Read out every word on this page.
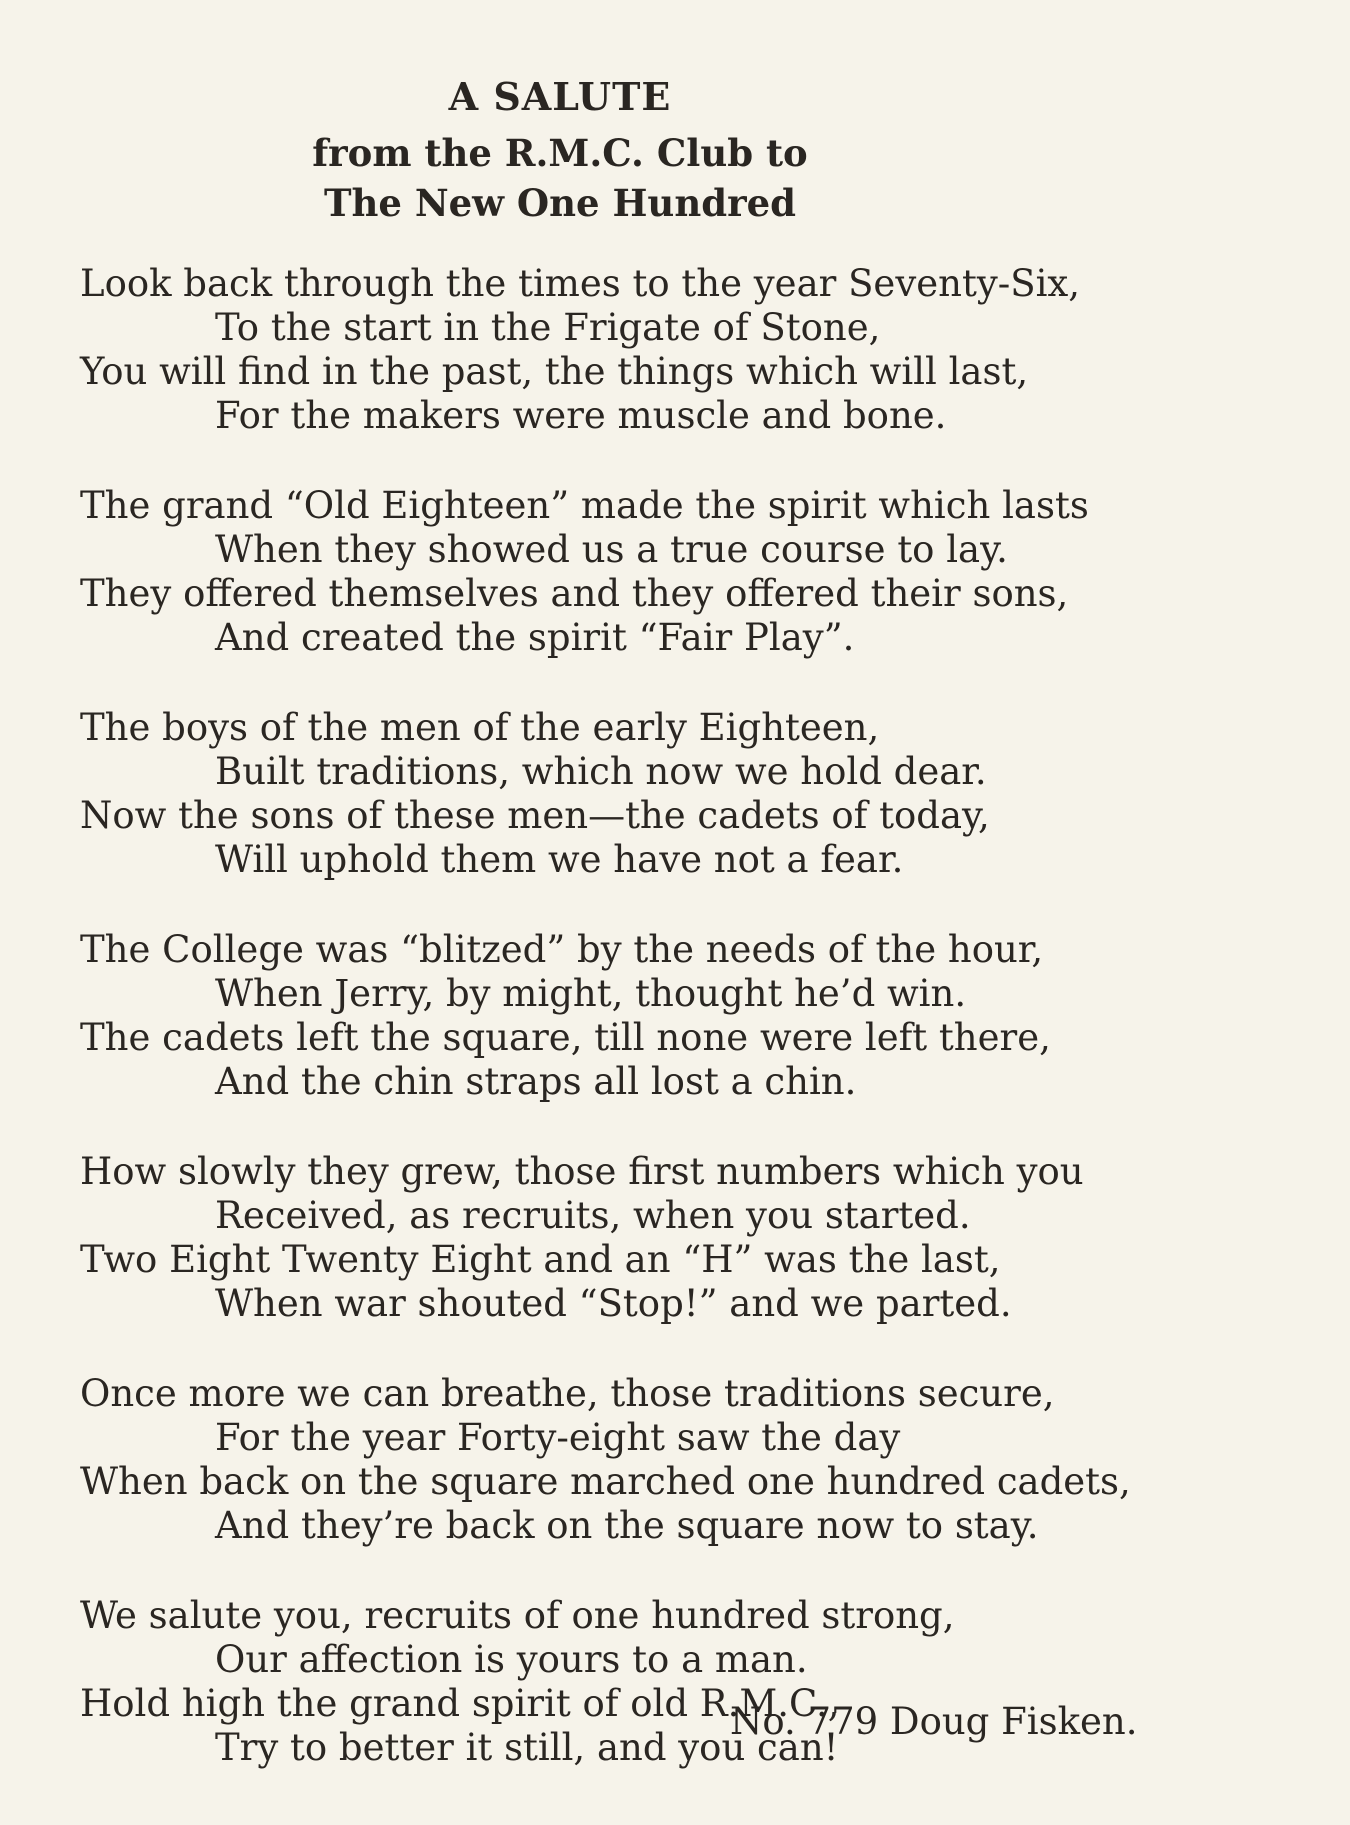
A SALUTE
from the R.M.C. Club to
The New One Hundred
Look back through the times to the year Seventy-Six,
To the start in the Frigate of Stone,
You will find in the past, the things which will last,
For the makers were muscle and bone.
The grand “Old Eighteen” made the spirit which lasts
When they showed us a true course to lay.
They offered themselves and they offered their sons,
And created the spirit “Fair Play”.
The boys of the men of the early Eighteen,
Built traditions, which now we hold dear.
Now the sons of these men—the cadets of today,
Will uphold them we have not a fear.
The College was “blitzed” by the needs of the hour,
When Jerry, by might, thought he’d win.
The cadets left the square, till none were left there,
And the chin straps all lost a chin.
How slowly they grew, those first numbers which you
Received, as recruits, when you started.
Two Eight Twenty Eight and an “H” was the last,
When war shouted “Stop!” and we parted.
Once more we can breathe, those traditions secure,
For the year Forty-eight saw the day
When back on the square marched one hundred cadets,
And they’re back on the square now to stay.
We salute you, recruits of one hundred strong,
Our affection is yours to a man.
Hold high the grand spirit of old R.M.C.,
Try to better it still, and you can!
No. 779 Doug Fisken.
